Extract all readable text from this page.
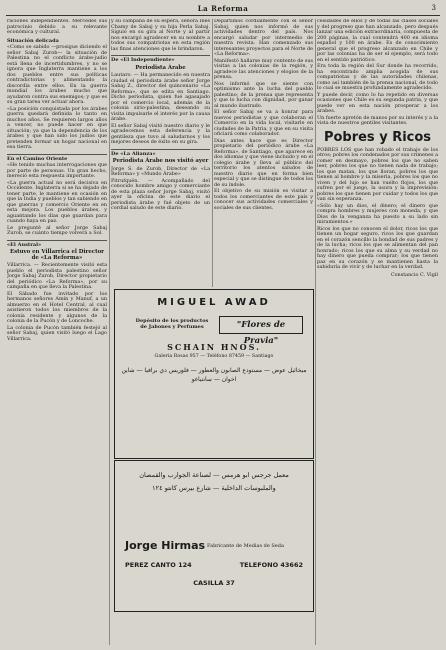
La Reforma	3

raciones independientes. Mercedes sus patrocinio debido a su relevante económica y cultural.

Situación delicada

«Como se sabido —prosigue diciendo el señor Sabaj Zurob— la situación de Palestina no el conflicto árabe-judío está llena de incertidumbres, y no se ignora que Inglaterra mantiene a los dos pueblos entre sus políticas contradictorias y alimentando la discordia entre ellos. En la guerra mundial los árabes mucho que ayudaron contra sus enemigos; y que es su gran tarea ver actuar ahora.

«La posición conquistada por los árabes guerra quedará definida lo tanto en muchos años. Se requieren largos años a vencer, no puede hacer en que situación; ya que la dependencia de los árabes y que han sido los judíos que pretenden formar un hogar nacional en esa tierra.

En el Camino Oriente

«He tenido muchas interrogaciones que por parte de personas. Un gran hecho, mereció esta respuesta importante.

«La guerra actual no será decisiva en Occidente. Inglaterra si se ha dejado de tener parte, le mantiene en ocasión en que la India y pueblos y tan sabiendo en que guerras y comercio Oriente en en esta mejora. Los pueblos árabes, y aguantando los días que guardan para cuando haya en paz.

Le pregunté al señor Jorge Sabaj Zurob, se cuánto tiempo volverá a Sol.

«El Austral»
Estuvo en Villarrica el Director de «La Reforma»

Villarrica. — Recientemente visitó esta pueblo el periodista palestino señor Jorge Sabaj Zurob, Director propietario del periódico «La Reforma», por su campaña en que lleva la Palestina.

El Sábado fue invitado por los hermanos señores Amín y Manuf, a un almuerzo en el Hotel Central, al cual asistieron todos los miembros de la colonia residente y algunos de la colonia de la Pucón y de Loncoche.

La colonia de Pucón también festejó al señor Sabaj, quien visitó luego el Lago Villarrica.

y su campaña de su espera, señora Inés Chamy de Sabaj y su hija Perla Sabaj. Siguió en su gira al Norte y al partir nos encargó agradecer en su nombre a todos sus compatriotas en esta región las finas atenciones que le brindaron.

De «El Independiente»
Periodista Árabe

Lautaro. — Ha permanecido en nuestra ciudad el periodista árabe señor Jorge Sabaj Z., director del quincenario «La Reforma», que se edita en Santiago. Dicho periodista, quien fué agasajado por el comercio local, además de la colonia sirio-palestina, deseando su visita impulsarle el interés por la causa árabe.

El señor Sabaj visitó nuestro diario y le agradecemos esta deferencia y la gentileza que tuvo al saludarnos y los mejores deseos de éxito en su gira.

De «La Alianza»
Periodista Árabe nos visitó ayer

Jorge S. de Zurob, Director de «La Reforma» y «Mundo Árabe»

Pitrufquén. — Acompañado del conocido hombre amigo y comerciante de esta plaza señor Jorge Sabaj, visitó ayer la oficina de este diario el periodista árabe y fué objeto de un cordial saludo de este diario.

Departimos cordialmente con el señor Sabaj, quien nos informó de sus actividades dentro del país. Nos encargó saludar por intermedio de nuestra revista. Han comenzado sus interesantes proyectos para el Norte de «La Reforma».

Manifestó hallarse muy contento de sus visitas a las colonias de la región, y agradece las atenciones y elogios de la prensa.

Nos informó que se siente con optimismo ante la lucha del pueblo palestino; de la prensa que representa y que lo lucha con dignidad, por ganar al mundo ilustrado.

El señor Sabaj se va a honrar para nuevos periodistas y que colaboran el Comercio en la vida local, visitarle en ciudades de la Patria, y que en su visita oficiará como colaborador.

Días antes hace que es Director propietario del periódico árabe «La Reforma», de Santiago, que aparece en dos idiomas y que viene incluido y en el colegio árabe y lleva al público del territorio los atentos saludos de nuestro diario que en forma bien especial y que se distingue de todos los de su índole.

El objetivo de su misión es visitar a todos los comerciantes de este país y conocer sus actividades comerciales y sociales de sus clientes.

cesidades de ellos y de todas las clases sociales y del progreso que han alcanzado, pero después lanzar una edición extraordinaria, compuesta de 200 páginas, la cual contendrá 400 en idioma español y 100 en árabe. Es de conocimiento general que el progreso alcanzado en Chile y por las colonias ha de ser el ejemplo, será todo en el sentido patriótico.

Era toda la región del Sur donde ha recorrido, ha encontrado amplia acogida de sus compatriotas y de las autoridades chilenas, como así también de la prensa nacional, de todo lo cual se muestra profundamente agradecido.

Y puede decir, como lo ha repetido en diversas ocasiones que Chile es su segunda patria, y que puede ver en esta nación prosperar a los árabes.

Un fuerte apretón de manos por su interés y a la vista de nuestros gentiles visitantes.

Pobres y Ricos

POBRES LOS que han robado el trabajo de los otros; pobres los condenados por sus crímenes a comer en desmayo, pobres los que no saben leer, pobres los que no tienen nada de trabajo; los que matan, los que lloran, pobres los que tienen al hombre y la miseria, pobres los que no viven y del lujo se han vuelto flojos, los que sufren por el juego, la usura y la imprevisión: pobres los que tienen por cuidar y todos los que van sin esperanza.

«Sólo hay un dios, el dinero; el dinero que compra hombres y mujeres con moneda, y que Dios de la venganza ha puesto a su lado sin miramientos.»

Ricos los que no conocen el dolor, ricos los que tienen un hogar seguro, ricos los que guardan en el corazón sencillo la bondad de sus padres y de la lucha; ricos los que se alimentan del pan honrado; ricos los que su alma y su verdad no hay dinero que pueda comprar; los que tienen paz en su corazón y se mantienen hasta la sabiduría de vivir y de luchar en la verdad.

Constancio C. Vigil
MIGUEL AWAD
Depósito de los productos
de Jabones y Perfumes	"Flores de Pravia"
SCHAIN HNOS.
Galería Rosas 957 — Teléfono 87459 — Santiago
ميخائيل عوض — مستودع الصابون والعطور — فلوريس دي برافيا — شاين اخوان — سانتياغو
معمل جرجس ابو هرمس — لصناعة الجوارب والقمصان والملبوسات الداخلية — شارع بيرس كانتو ١٢٤
Jorge Hirmas Fabricante de Medias de Seda
PEREZ CANTO 124	TELEFONO 43662
CASILLA 37
